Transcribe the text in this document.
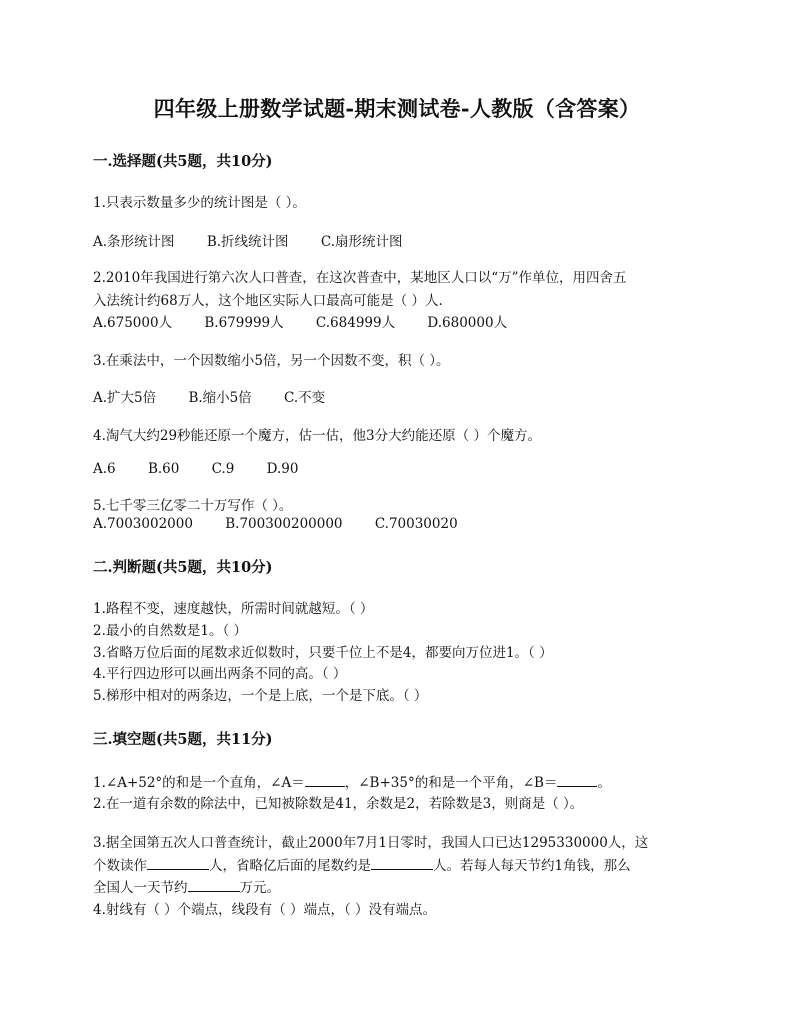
四年级上册数学试题-期末测试卷-人教版（含答案）
一.选择题(共5题，共10分)
1.只表示数量多少的统计图是（ ）。
A.条形统计图 B.折线统计图 C.扇形统计图
2.2010年我国进行第六次人口普查，在这次普查中，某地区人口以“万”作单位，用四舍五
入法统计约68万人，这个地区实际人口最高可能是（ ）人.
A.675000人 B.679999人 C.684999人 D.680000人
3.在乘法中，一个因数缩小5倍，另一个因数不变，积（ ）。
A.扩大5倍 B.缩小5倍 C.不变
4.淘气大约29秒能还原一个魔方，估一估，他3分大约能还原（ ）个魔方。
A.6 B.60 C.9 D.90
5.七千零三亿零二十万写作（ ）。
A.7003002000 B.700300200000 C.70030020
二.判断题(共5题，共10分)
1.路程不变，速度越快，所需时间就越短。（ ）
2.最小的自然数是1。（ ）
3.省略万位后面的尾数求近似数时，只要千位上不是4，都要向万位进1。（ ）
4.平行四边形可以画出两条不同的高。（ ）
5.梯形中相对的两条边，一个是上底，一个是下底。（ ）
三.填空题(共5题，共11分)
1.∠A+52°的和是一个直角，∠A＝	，∠B+35°的和是一个平角，∠B＝	。
2.在一道有余数的除法中，已知被除数是41，余数是2，若除数是3，则商是（ ）。
3.据全国第五次人口普查统计，截止2000年7月1日零时，我国人口已达1295330000人，这
个数读作	人，省略亿后面的尾数约是	人。若每人每天节约1角钱，那么
全国人一天节约	万元。
4.射线有（ ）个端点，线段有（ ）端点，（ ）没有端点。
